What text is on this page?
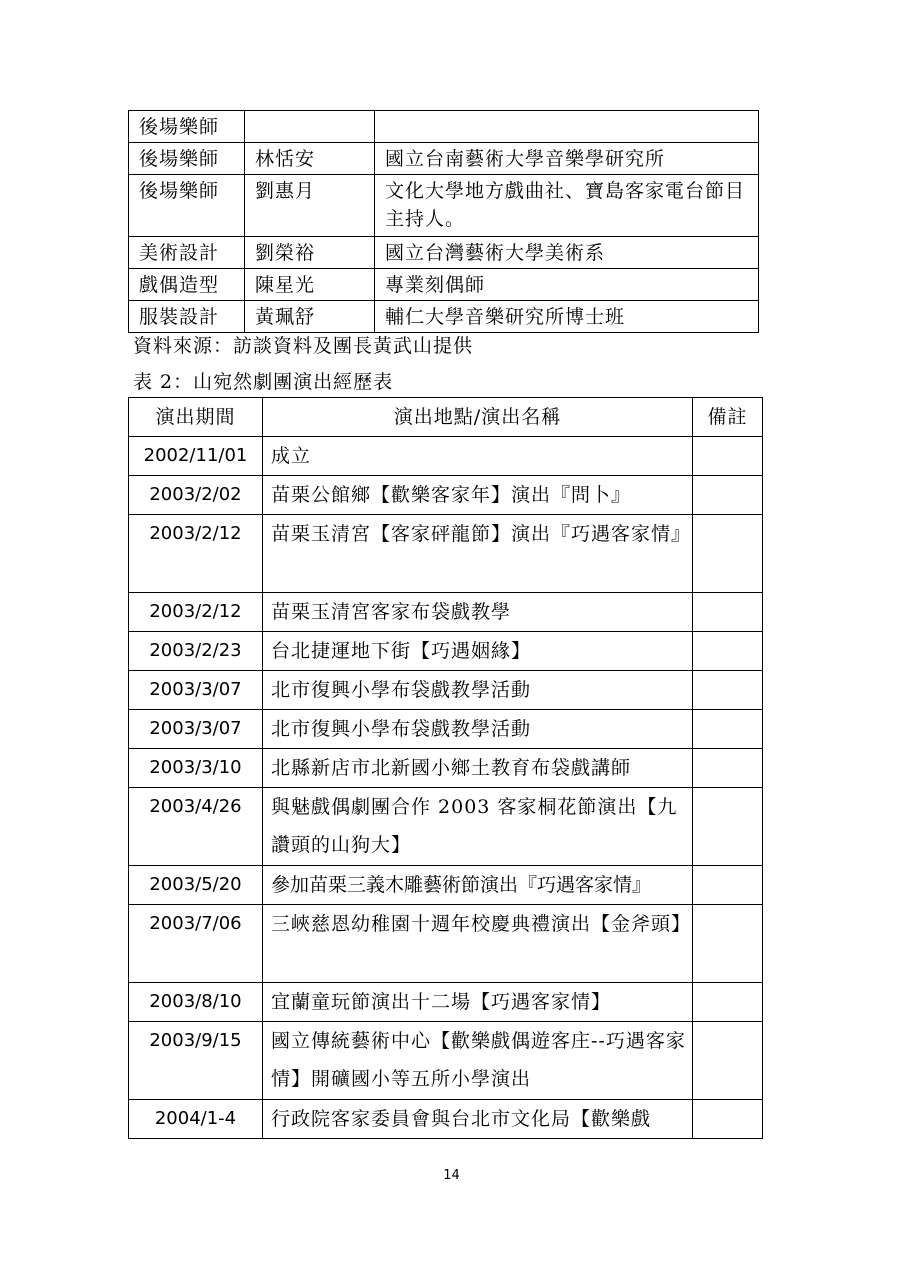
後場樂師		
後場樂師	林恬安	國立台南藝術大學音樂學研究所
後場樂師	劉惠月	文化大學地方戲曲社、寶島客家電台節目主持人。
美術設計	劉榮裕	國立台灣藝術大學美術系
戲偶造型	陳星光	專業刻偶師
服裝設計	黃珮舒	輔仁大學音樂研究所博士班
資料來源：訪談資料及團長黃武山提供
表 2：山宛然劇團演出經歷表
演出期間	演出地點/演出名稱	備註
2002/11/01	成立	
2003/2/02	苗栗公館鄉【歡樂客家年】演出『問卜』	
2003/2/12	苗栗玉清宮【客家砰龍節】演出『巧遇客家情』	
2003/2/12	苗栗玉清宮客家布袋戲教學	
2003/2/23	台北捷運地下街【巧遇姻緣】	
2003/3/07	北市復興小學布袋戲教學活動	
2003/3/07	北市復興小學布袋戲教學活動	
2003/3/10	北縣新店市北新國小鄉土教育布袋戲講師	
2003/4/26	與魅戲偶劇團合作 2003 客家桐花節演出【九讚頭的山狗大】	
2003/5/20	參加苗栗三義木雕藝術節演出『巧遇客家情』	
2003/7/06	三峽慈恩幼稚園十週年校慶典禮演出【金斧頭】	
2003/8/10	宜蘭童玩節演出十二場【巧遇客家情】	
2003/9/15	國立傳統藝術中心【歡樂戲偶遊客庄--巧遇客家情】開礦國小等五所小學演出	
2004/1-4	行政院客家委員會與台北市文化局【歡樂戲	
14
